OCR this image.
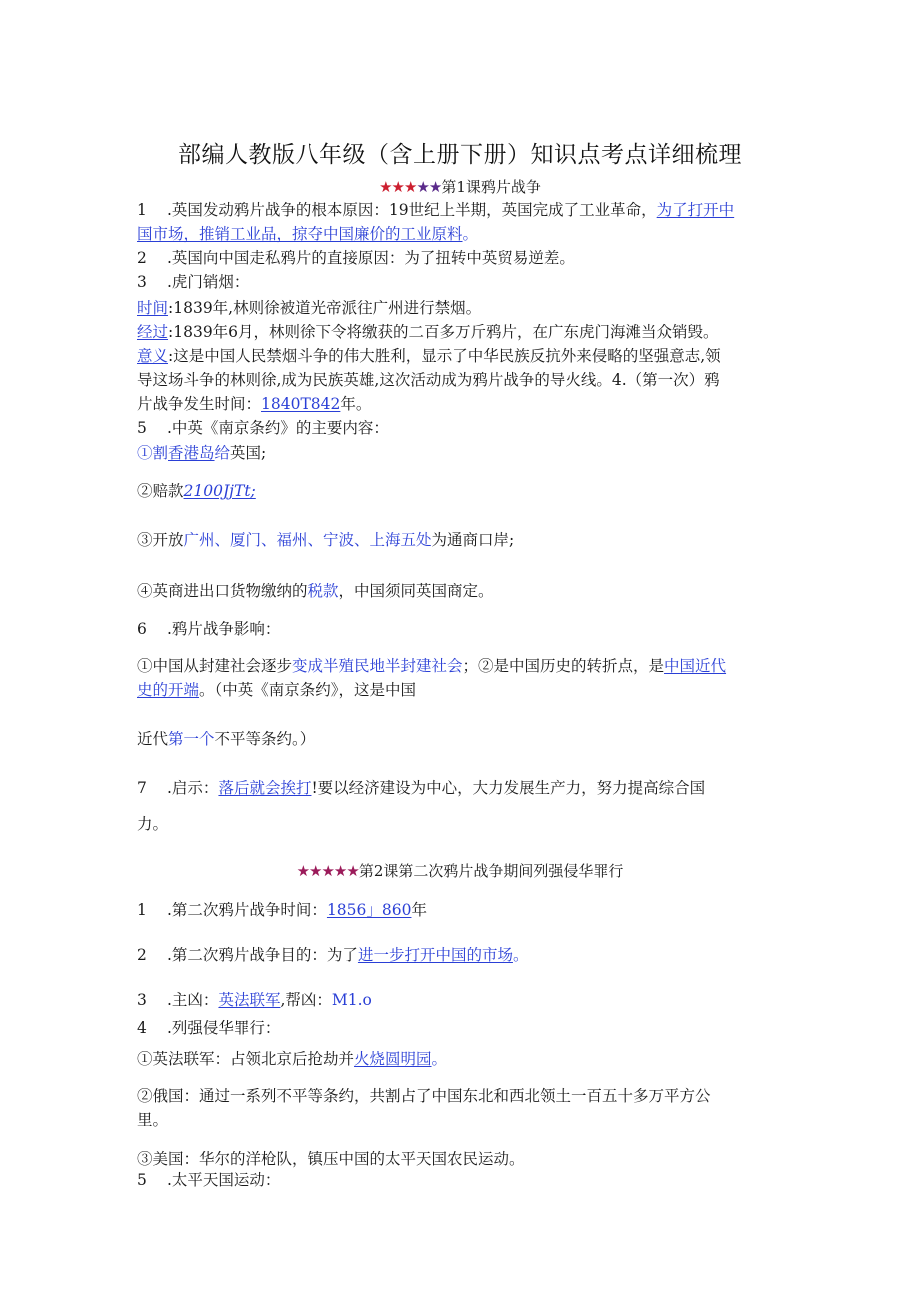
部编人教版八年级（含上册下册）知识点考点详细梳理
★★★★★第1课鸦片战争
1 .英国发动鸦片战争的根本原因：19世纪上半期，英国完成了工业革命，为了打开中
国市场，推销工业品，掠夺中国廉价的工业原料。
2 .英国向中国走私鸦片的直接原因：为了扭转中英贸易逆差。
3 .虎门销烟：
时间:1839年,林则徐被道光帝派往广州进行禁烟。
经过:1839年6月，林则徐下令将缴获的二百多万斤鸦片，在广东虎门海滩当众销毁。
意义:这是中国人民禁烟斗争的伟大胜利，显示了中华民族反抗外来侵略的坚强意志,领
导这场斗争的林则徐,成为民族英雄,这次活动成为鸦片战争的导火线。4.（第一次）鸦
片战争发生时间：1840T842年。
5 .中英《南京条约》的主要内容：
①割香港岛给英国;
②赔款2100JjTt;
③开放广州、厦门、福州、宁波、上海五处为通商口岸;
④英商进出口货物缴纳的税款，中国须同英国商定。
6 .鸦片战争影响：
①中国从封建社会逐步变成半殖民地半封建社会；②是中国历史的转折点，是中国近代
史的开端。（中英《南京条约》，这是中国
近代第一个不平等条约。）
7 .启示：落后就会挨打!要以经济建设为中心，大力发展生产力，努力提高综合国
力。
★★★★★第2课第二次鸦片战争期间列强侵华罪行
1 .第二次鸦片战争时间：1856」860年
2 .第二次鸦片战争目的：为了进一步打开中国的市场。
3 .主凶：英法联军,帮凶：M1.o
4 .列强侵华罪行：
①英法联军：占领北京后抢劫并火烧圆明园。
②俄国：通过一系列不平等条约，共割占了中国东北和西北领土一百五十多万平方公
里。
③美国：华尔的洋枪队，镇压中国的太平天国农民运动。
5 .太平天国运动：
